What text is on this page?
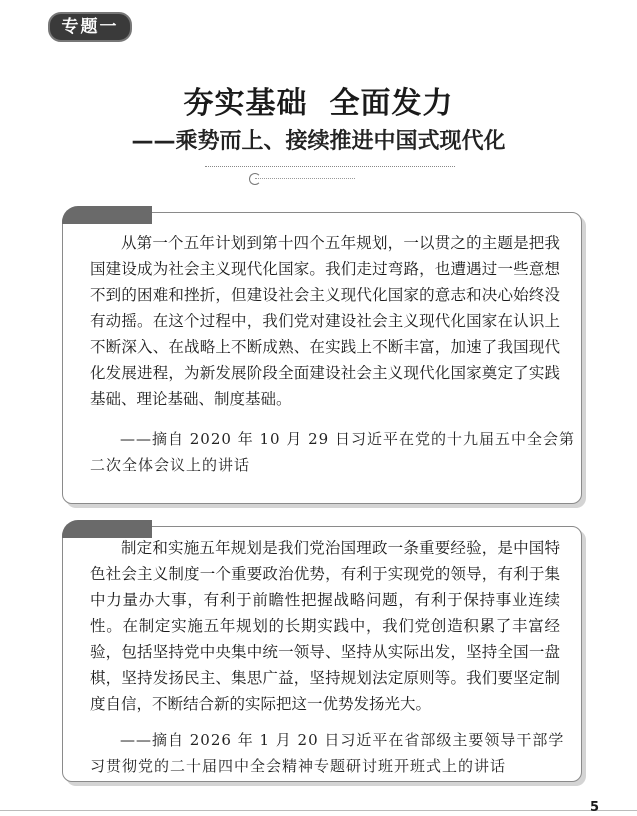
专题一
夯实基础 全面发力
——乘势而上、接续推进中国式现代化

从第一个五年计划到第十四个五年规划，一以贯之的主题是把我国建设成为社会主义现代化国家。我们走过弯路，也遭遇过一些意想不到的困难和挫折，但建设社会主义现代化国家的意志和决心始终没有动摇。在这个过程中，我们党对建设社会主义现代化国家在认识上不断深入、在战略上不断成熟、在实践上不断丰富，加速了我国现代化发展进程，为新发展阶段全面建设社会主义现代化国家奠定了实践基础、理论基础、制度基础。

——摘自 2020 年 10 月 29 日习近平在党的十九届五中全会第二次全体会议上的讲话

制定和实施五年规划是我们党治国理政一条重要经验，是中国特色社会主义制度一个重要政治优势，有利于实现党的领导，有利于集中力量办大事，有利于前瞻性把握战略问题，有利于保持事业连续性。在制定实施五年规划的长期实践中，我们党创造积累了丰富经验，包括坚持党中央集中统一领导、坚持从实际出发，坚持全国一盘棋，坚持发扬民主、集思广益，坚持规划法定原则等。我们要坚定制度自信，不断结合新的实际把这一优势发扬光大。

——摘自 2026 年 1 月 20 日习近平在省部级主要领导干部学习贯彻党的二十届四中全会精神专题研讨班开班式上的讲话

5
